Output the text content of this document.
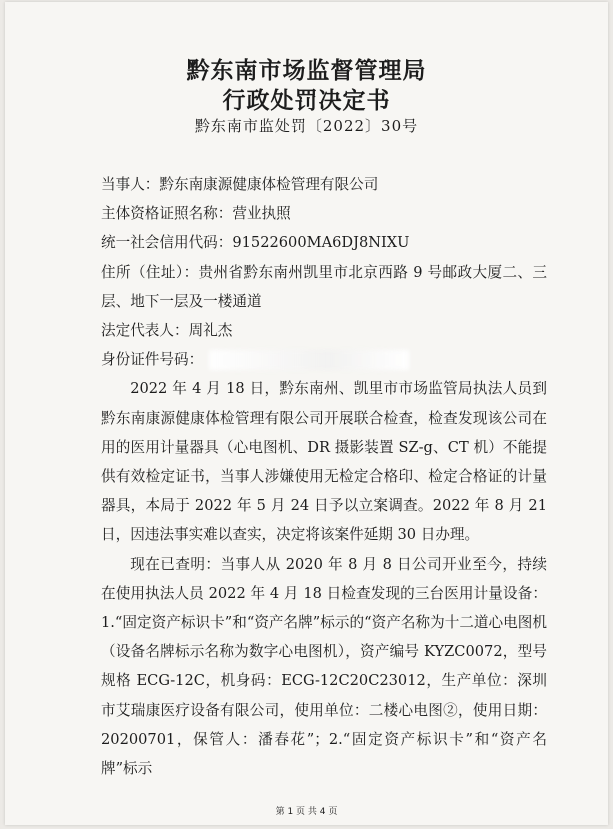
黔东南市场监督管理局
行政处罚决定书
黔东南市监处罚〔2022〕30号

当事人：黔东南康源健康体检管理有限公司

主体资格证照名称：营业执照

统一社会信用代码：91522600MA6DJ8NIXU

住所（住址）：贵州省黔东南州凯里市北京西路 9 号邮政大厦二、三层、地下一层及一楼通道

法定代表人：周礼杰

身份证件号码：

2022 年 4 月 18 日，黔东南州、凯里市市场监管局执法人员到黔东南康源健康体检管理有限公司开展联合检查，检查发现该公司在用的医用计量器具（心电图机、DR 摄影装置 SZ-g、CT 机）不能提供有效检定证书，当事人涉嫌使用无检定合格印、检定合格证的计量器具，本局于 2022 年 5 月 24 日予以立案调查。2022 年 8 月 21 日，因违法事实难以查实，决定将该案件延期 30 日办理。

现在已查明：当事人从 2020 年 8 月 8 日公司开业至今，持续在使用执法人员 2022 年 4 月 18 日检查发现的三台医用计量设备：1.“固定资产标识卡”和“资产名牌”标示的“资产名称为十二道心电图机（设备名牌标示名称为数字心电图机），资产编号 KYZC0072，型号规格 ECG-12C，机身码：ECG-12C20C23012，生产单位：深圳市艾瑞康医疗设备有限公司，使用单位：二楼心电图②，使用日期：20200701，保管人：潘春花”；2.“固定资产标识卡”和“资产名牌”标示

第 1 页 共 4 页
